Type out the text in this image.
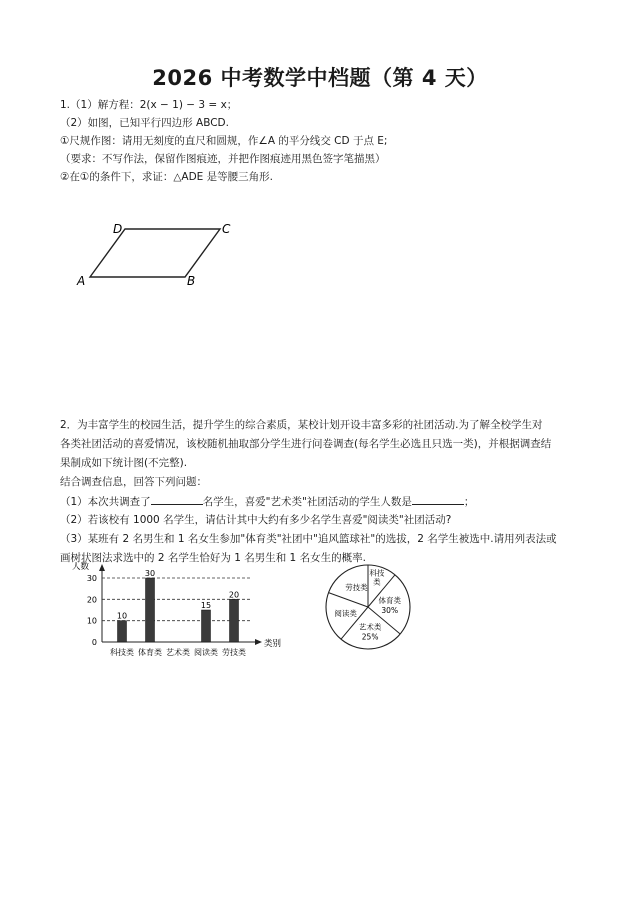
2026 中考数学中档题（第 4 天）
1.（1）解方程：2(x − 1) − 3 = x；
（2）如图，已知平行四边形 ABCD.
①尺规作图：请用无刻度的直尺和圆规，作∠A 的平分线交 CD 于点 E;
（要求：不写作法，保留作图痕迹，并把作图痕迹用黑色签字笔描黑）
②在①的条件下，求证：△ADE 是等腰三角形.
A	B
C
D
2．为丰富学生的校园生活，提升学生的综合素质，某校计划开设丰富多彩的社团活动.为了解全校学生对
各类社团活动的喜爱情况，该校随机抽取部分学生进行问卷调查(每名学生必选且只选一类)，并根据调查结
果制成如下统计图(不完整).
结合调查信息，回答下列问题：
（1）本次共调查了	名学生，喜爱"艺术类"社团活动的学生人数是	；
（2）若该校有 1000 名学生，请估计其中大约有多少名学生喜爱"阅读类"社团活动?
（3）某班有 2 名男生和 1 名女生参加"体育类"社团中"追风篮球社"的选拔，2 名学生被选中.请用列表法或
画树状图法求选中的 2 名学生恰好为 1 名男生和 1 名女生的概率.
人数
类别
0
10
20
30
10
科技类
30
体育类 艺术类
15
阅读类
20
劳技类
科技
类
体育类
30%
艺术类
25%
阅读类
劳技类
